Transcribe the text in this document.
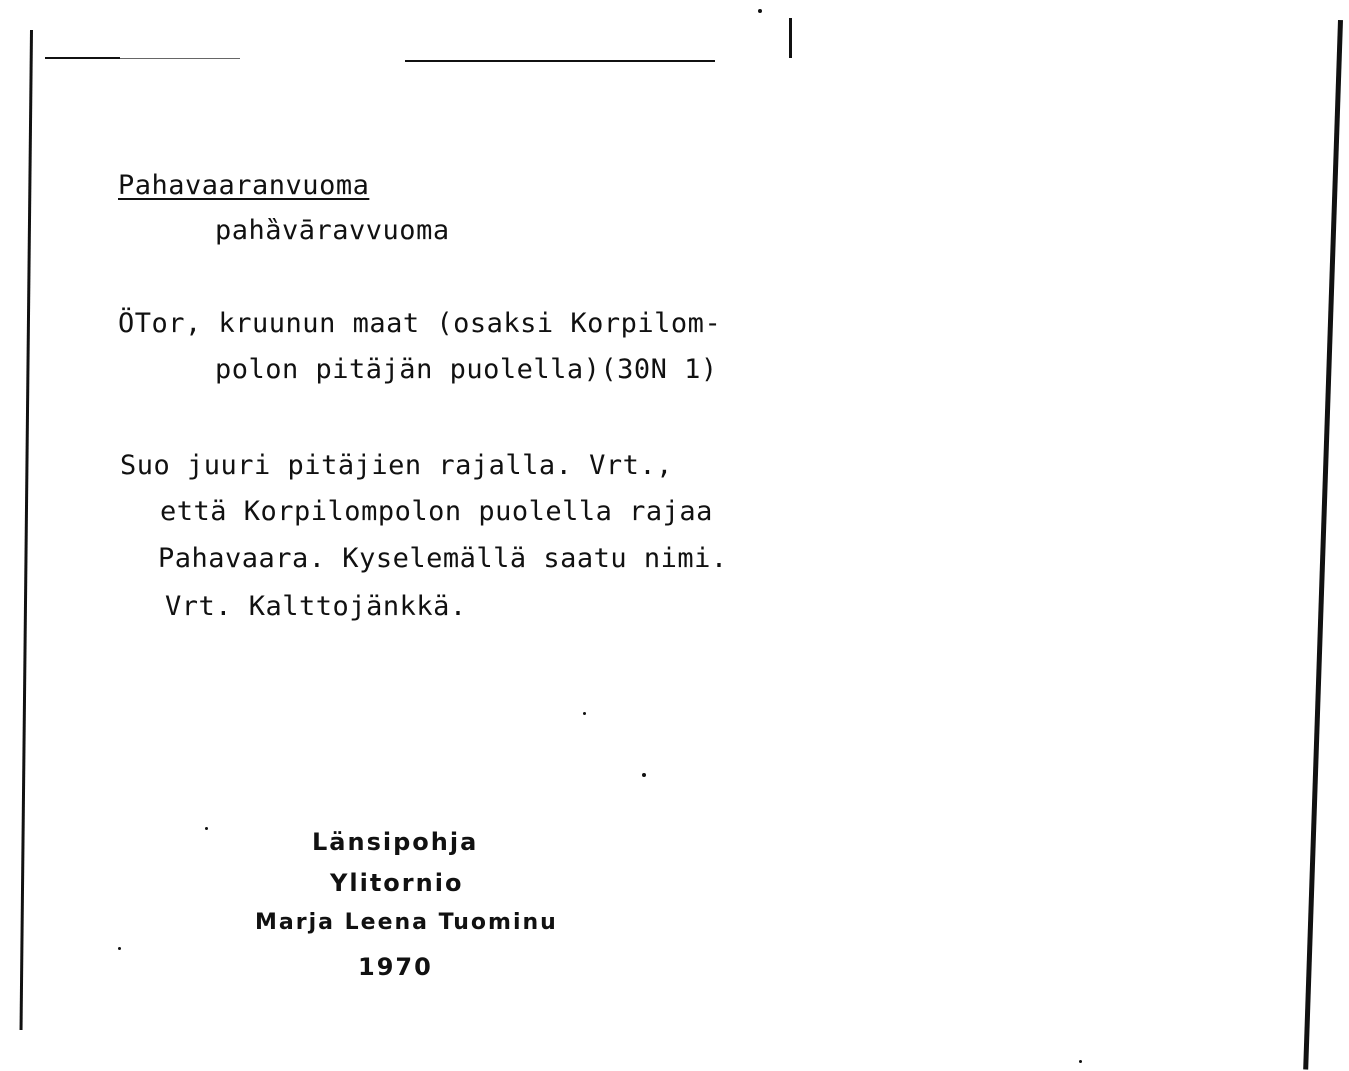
Pahavaaranvuoma
pahȁvāravvuoma
ÖTor, kruunun maat (osaksi Korpilom-
polon pitäjän puolella)(30N 1)
Suo juuri pitäjien rajalla. Vrt.,
että Korpilompolon puolella rajaa
Pahavaara. Kyselemällä saatu nimi.
Vrt. Kalttojänkkä.
Länsipohja
Ylitornio
Marja Leena Tuominu
1970
